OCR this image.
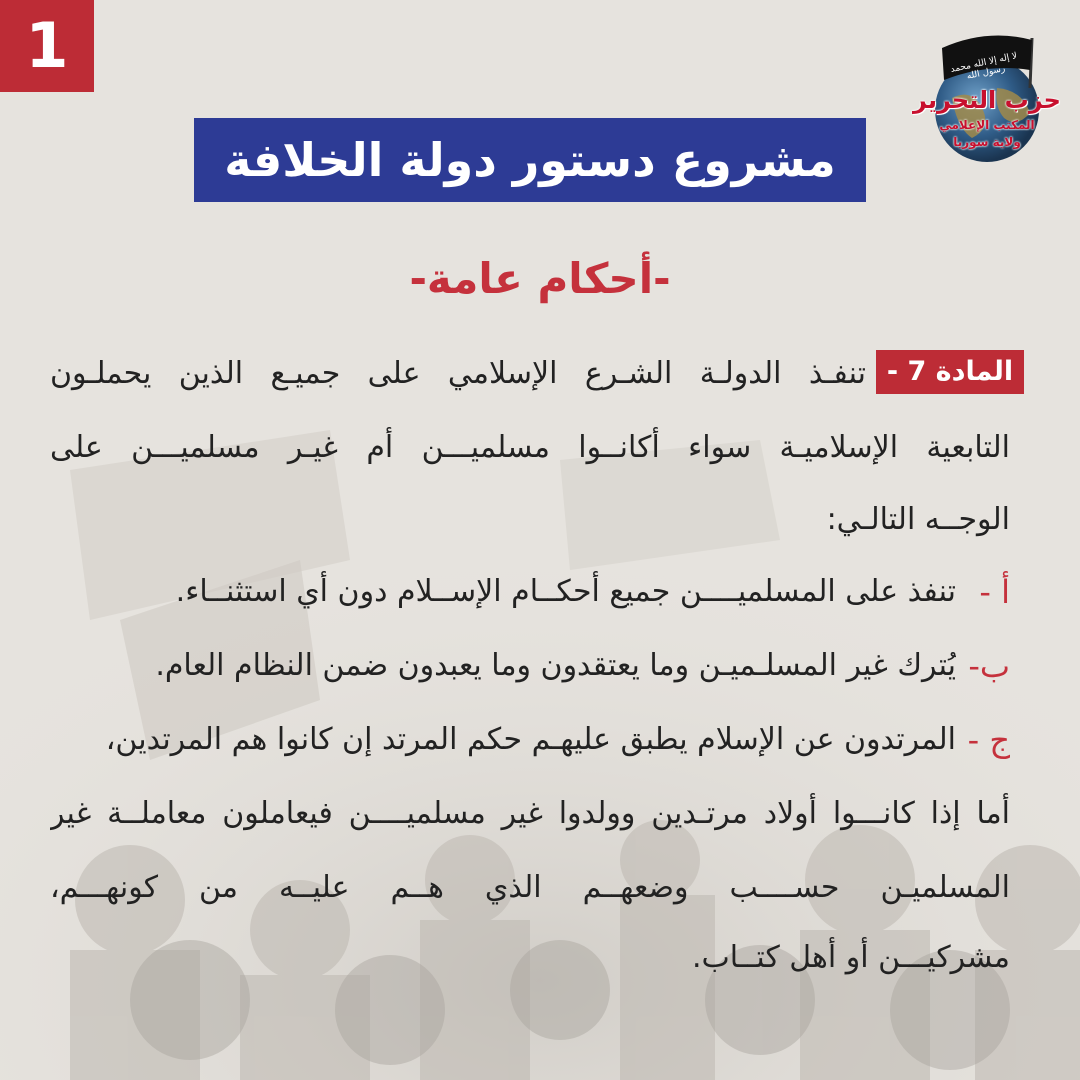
1	لا إله إلا الله محمد رسول الله
حزب التحرير
المكتب الإعلامي
ولاية سوريا
مشروع دستور دولة الخلافة
-أحكام عامة-
المادة 7 -
تنفـذ الدولـة الشـرع الإسلامي على جميـع الذين يحملـون
التابعية الإسلاميـة سواء أكانــوا مسلميـــن أم غيـر مسلميـــن على
الوجــه التالـي:
أ -
تنفذ على المسلميــــن جميع أحكــام الإســلام دون أي استثنــاء.
ب-
يُترك غير المسلـميـن وما يعتقدون وما يعبدون ضمن النظام العام.
ج -
المرتدون عن الإسلام يطبق عليهـم حكم المرتد إن كانوا هم المرتدين،
أما إذا كانـــوا أولاد مرتـدين وولدوا غير مسلميــــن فيعاملون معاملــة غير
المسلميـن حســــب وضعهــم الذي هــم عليــه من كونهـــم،
مشركيـــن أو أهل كتــاب.
